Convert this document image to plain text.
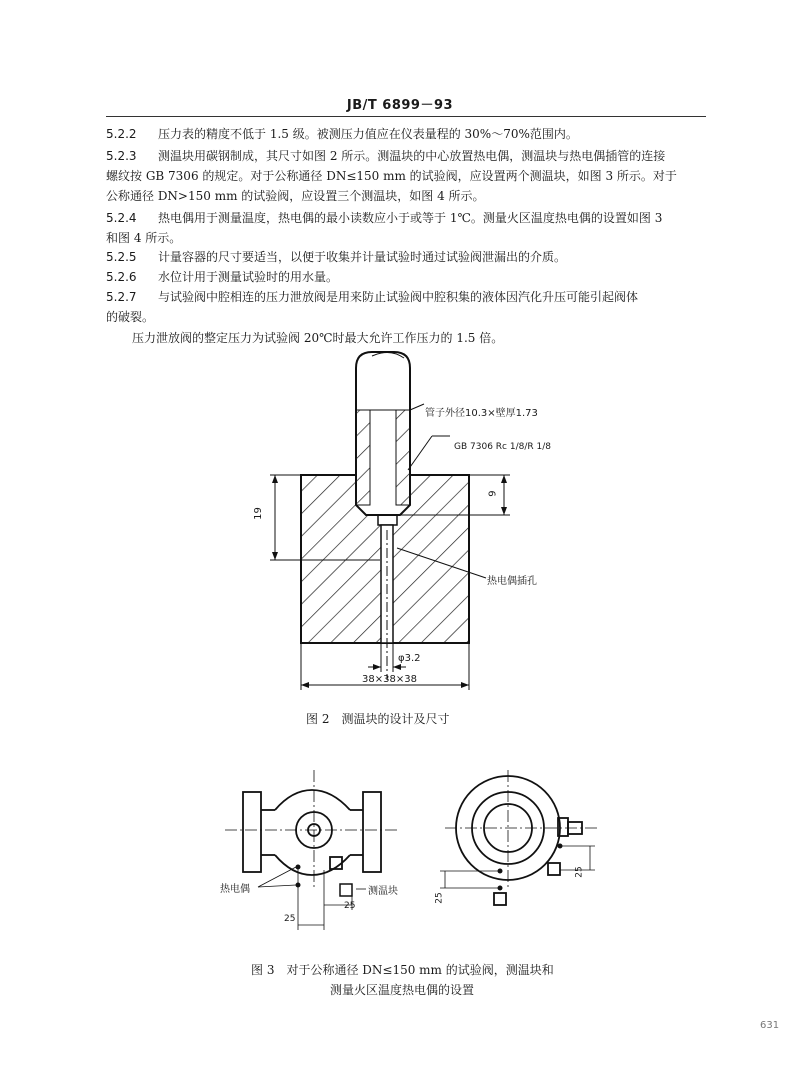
JB/T 6899－93
5.2.2 压力表的精度不低于 1.5 级。被测压力值应在仪表量程的 30%～70%范围内。
5.2.3 测温块用碳钢制成，其尺寸如图 2 所示。测温块的中心放置热电偶，测温块与热电偶插管的连接
螺纹按 GB 7306 的规定。对于公称通径 DN≤150 mm 的试验阀，应设置两个测温块，如图 3 所示。对于
公称通径 DN>150 mm 的试验阀，应设置三个测温块，如图 4 所示。
5.2.4 热电偶用于测量温度，热电偶的最小读数应小于或等于 1℃。测量火区温度热电偶的设置如图 3
和图 4 所示。
5.2.5 计量容器的尺寸要适当，以便于收集并计量试验时通过试验阀泄漏出的介质。
5.2.6 水位计用于测量试验时的用水量。
5.2.7 与试验阀中腔相连的压力泄放阀是用来防止试验阀中腔积集的液体因汽化升压可能引起阀体
的破裂。
压力泄放阀的整定压力为试验阀 20℃时最大允许工作压力的 1.5 倍。
管子外径10.3×壁厚1.73
GB 7306 Rc 1/8/R 1/8
热电偶插孔
19
9
φ3.2
38×38×38
图 2　测温块的设计及尺寸
热电偶	测温块
25
25
25
25
图 3　对于公称通径 DN≤150 mm 的试验阀，测温块和
测量火区温度热电偶的设置
631
